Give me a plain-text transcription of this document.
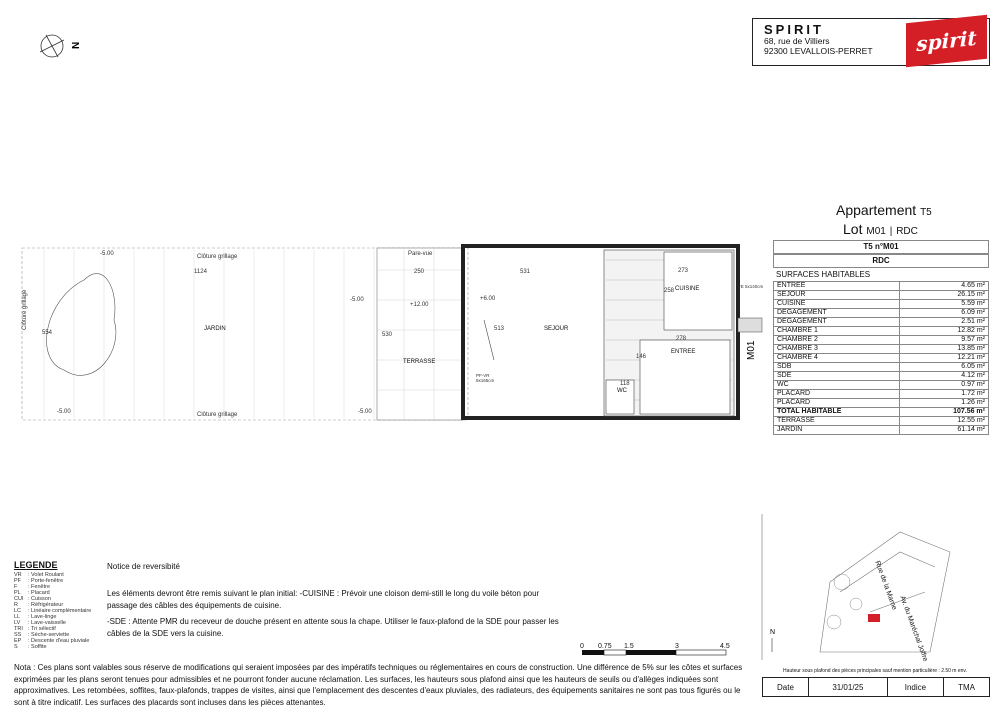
N
SPIRIT
68, rue de Villiers
92300 LEVALLOIS-PERRET spirit
Appartement T5
Lot M01 | RDC
T5 n°M01
RDC
SURFACES HABITABLES
ENTREE	4.65 m²
SEJOUR	26.15 m²
CUISINE	5.59 m²
DEGAGEMENT	6.09 m²
DEGAGEMENT	2.51 m²
CHAMBRE 1	12.82 m²
CHAMBRE 2	9.57 m²
CHAMBRE 3	13.85 m²
CHAMBRE 4	12.21 m²
SDB	6.05 m²
SDE	4.12 m²
WC	0.97 m²
PLACARD	1.72 m²
PLACARD	1.26 m²
TOTAL HABITABLE	107.56 m²
TERRASSE	12.55 m²
JARDIN	61.14 m²
M01
JARDIN
TERRASSE
SEJOUR
CUISINE
ENTREE
WC
Clôture grillage
Clôture grillage
Clôture grillage
Pare-vue
1124	250	531
530
554
513
273
258
278
146
118
-5.00
-5.00
-5.00	-5.00
+12.00
+6.00
PF-VR 9x165cm
FE 5x140cm
LEGENDE
VR : Volet Roulant
PF : Porte-fenêtre
F : Fenêtre
PL : Placard
CUI : Cuisson
R : Réfrigérateur
LC : Linéaire complémentaire
LL : Lave-linge
LV : Lave-vaisselle
TRI : Tri sélectif
SS : Sèche-serviette
EP : Descente d'eau pluviale
S : Soffite
Notice de reversibité
Les éléments devront être remis suivant le plan initial: -CUISINE : Prévoir une cloison demi-still le long du voile béton pour passage des câbles des équipements de cuisine.
-SDE : Attente PMR du receveur de douche présent en attente sous la chape. Utiliser le faux-plafond de la SDE pour passer les câbles de la SDE vers la cuisine.
0 0.75 1.5	3	4.5
Nota : Ces plans sont valables sous réserve de modifications qui seraient imposées par des impératifs techniques ou réglementaires en cours de construction. Une différence de 5% sur les côtes et surfaces exprimées par les plans seront tenues pour admissibles et ne pourront fonder aucune réclamation. Les surfaces, les hauteurs sous plafond ainsi que les hauteurs de seuils ou d'allèges indiquées sont approximatives. Les retombées, soffites, faux-plafonds, trappes de visites, ainsi que l'emplacement des descentes d'eaux pluviales, des radiateurs, des équipements sanitaires ne sont pas tous figurés ou le sont à titre indicatif. Les surfaces des placards sont incluses dans les pièces attenantes.
N
Rue de la Marne
Av. du Maréchal Joffre
Hauteur sous plafond des pièces principales sauf mention particulière : 2.50 m env.
Date	31/01/25	Indice	TMA
